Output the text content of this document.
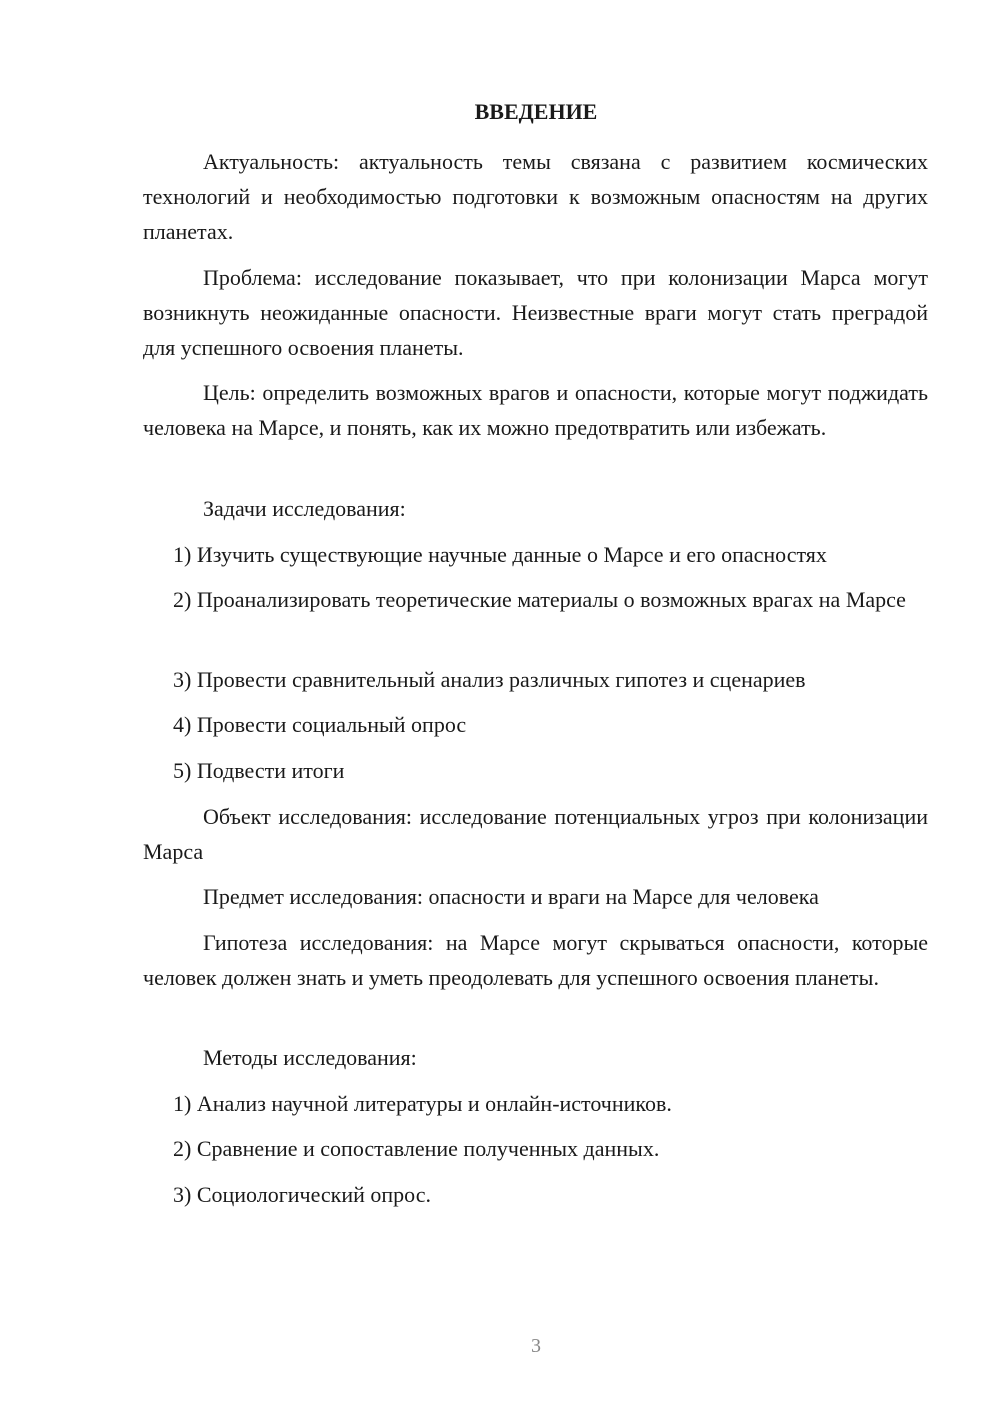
ВВЕДЕНИЕ

Актуальность: актуальность темы связана с развитием космических технологий и необходимостью подготовки к возможным опасностям на других планетах.

Проблема: исследование показывает, что при колонизации Марса могут возникнуть неожиданные опасности. Неизвестные враги могут стать преградой для успешного освоения планеты.

Цель: определить возможных врагов и опасности, которые могут поджидать человека на Марсе, и понять, как их можно предотвратить или избежать.

Задачи исследования:

1) Изучить существующие научные данные о Марсе и его опасностях

2) Проанализировать теоретические материалы о возможных врагах на Марсе

3) Провести сравнительный анализ различных гипотез и сценариев

4) Провести социальный опрос

5) Подвести итоги

Объект исследования: исследование потенциальных угроз при колонизации Марса

Предмет исследования: опасности и враги на Марсе для человека

Гипотеза исследования: на Марсе могут скрываться опасности, которые человек должен знать и уметь преодолевать для успешного освоения планеты.

Методы исследования:

1) Анализ научной литературы и онлайн-источников.

2) Сравнение и сопоставление полученных данных.

3) Социологический опрос.

3
